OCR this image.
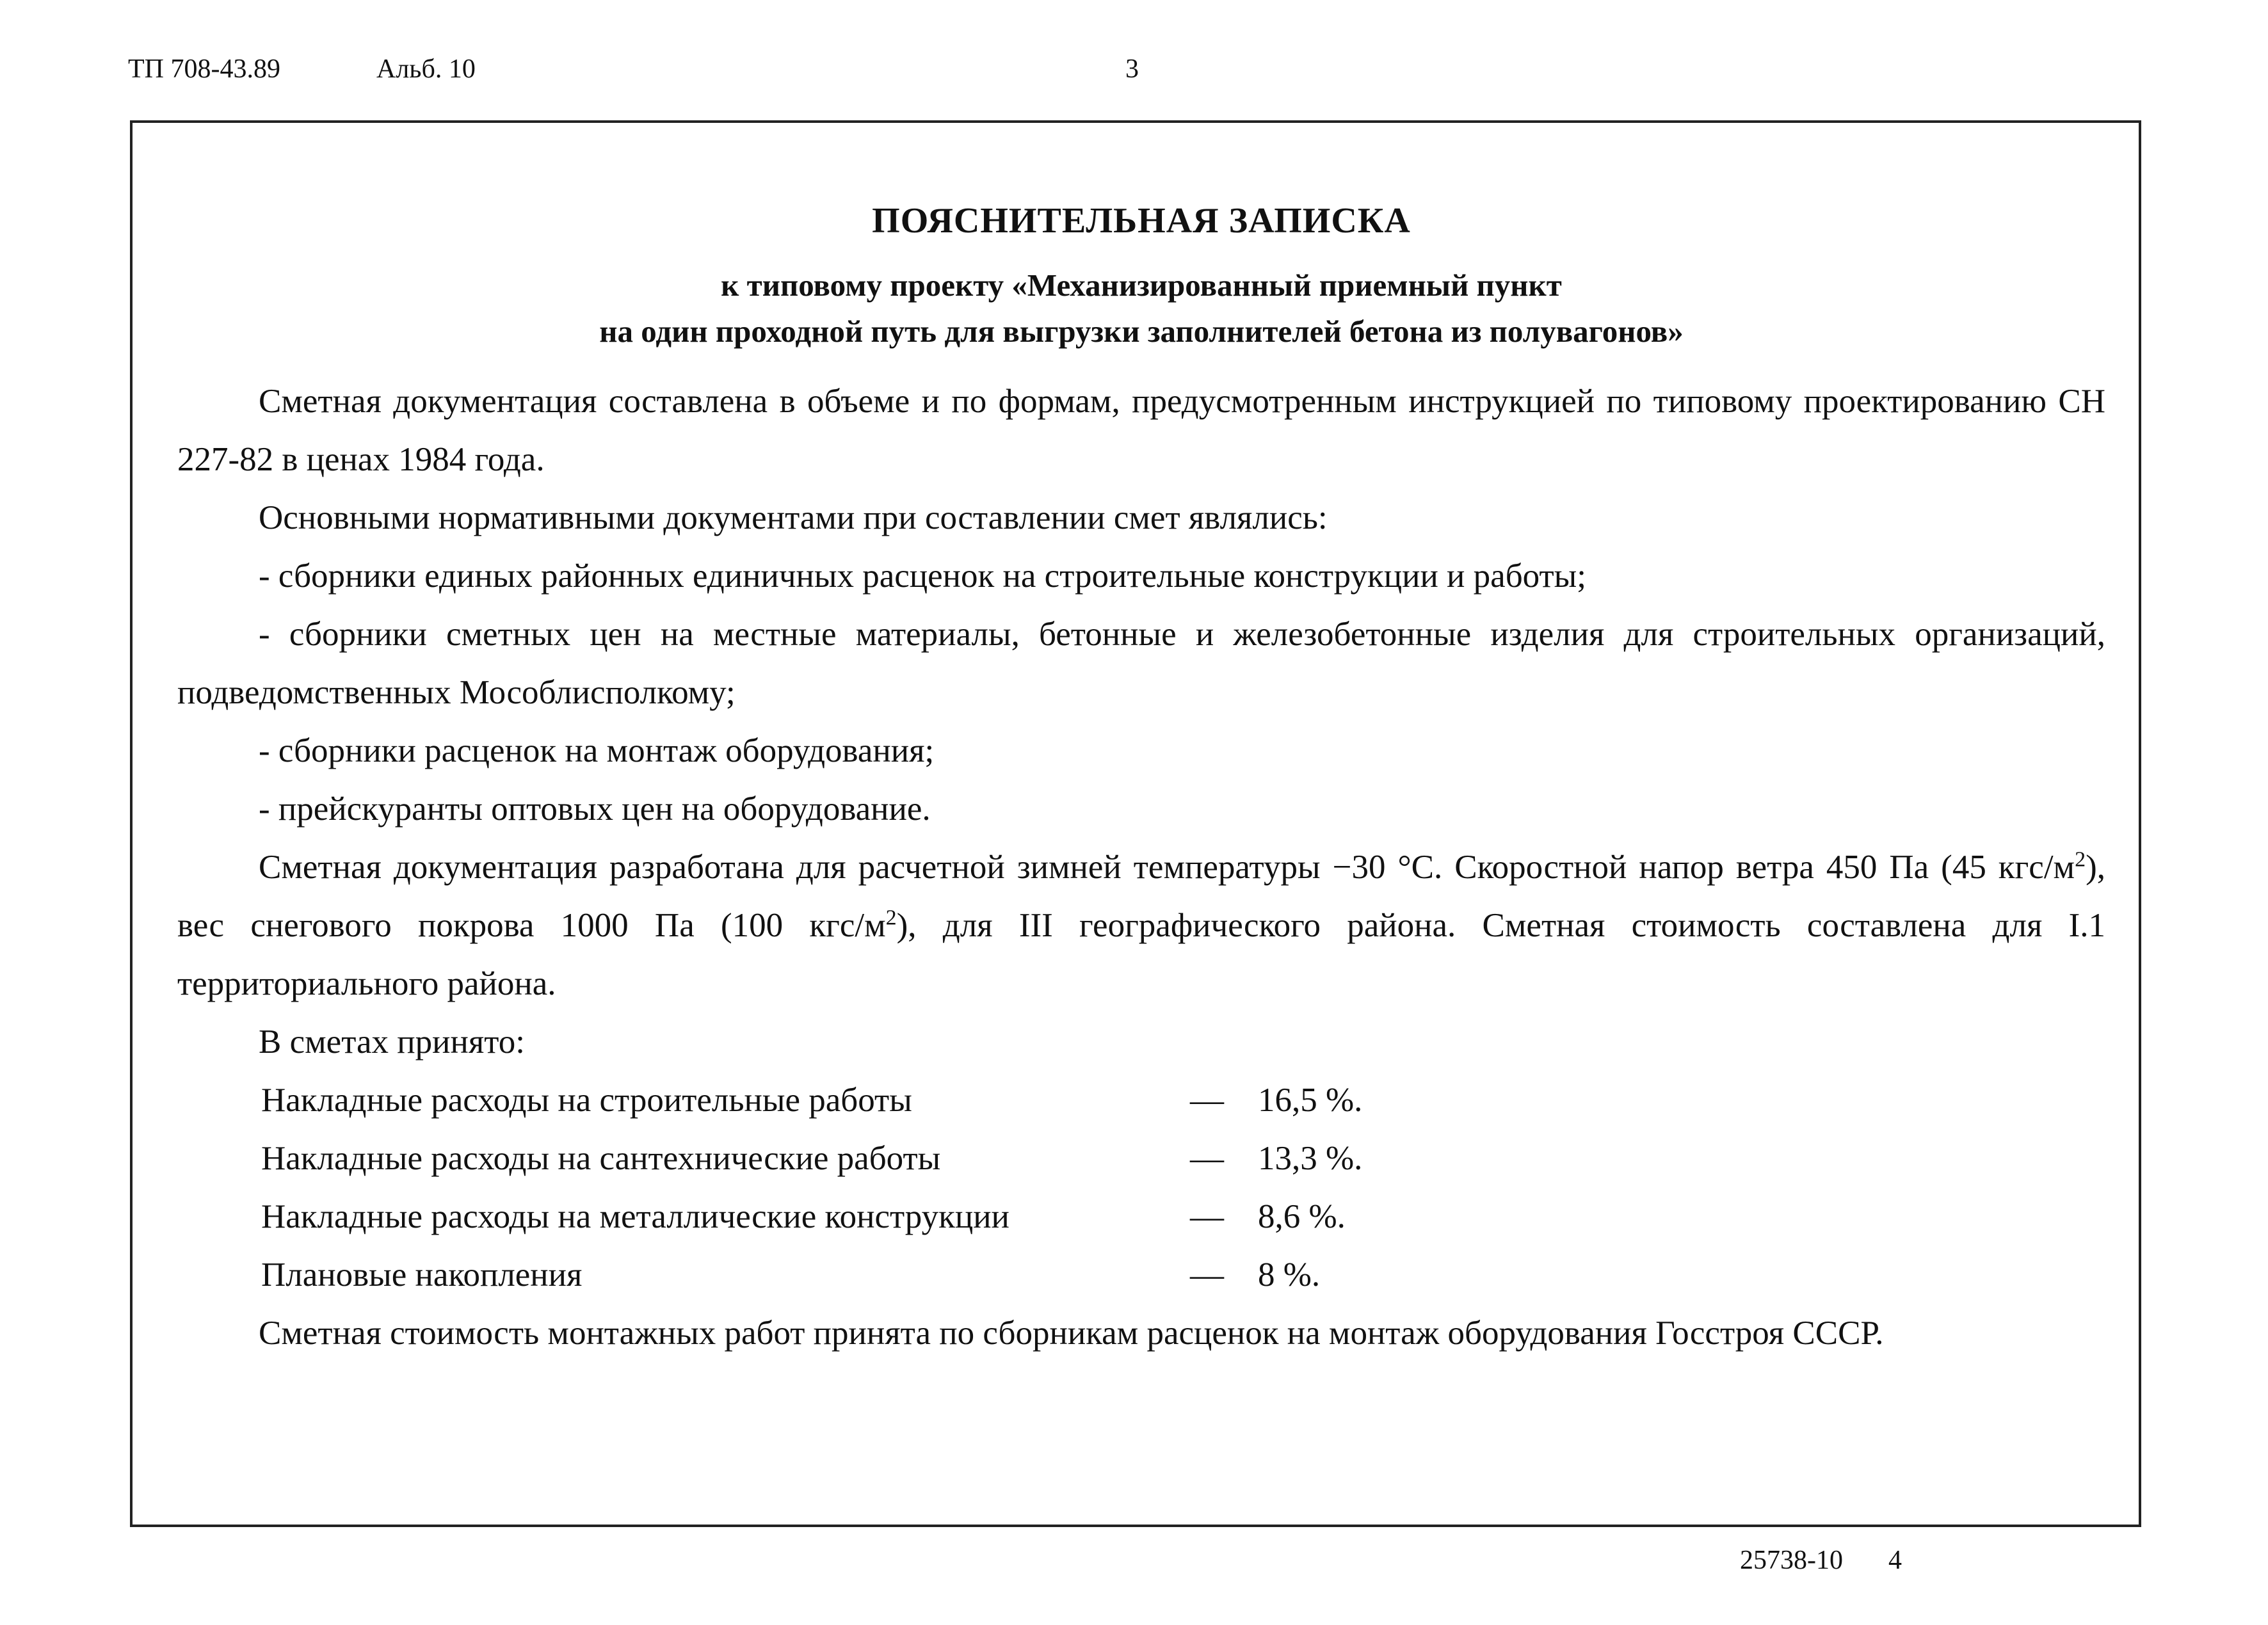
ТП 708-43.89	Альб. 10	3
ПОЯСНИТЕЛЬНАЯ ЗАПИСКА
к типовому проекту «Механизированный приемный пункт
на один проходной путь для выгрузки заполнителей бетона из полувагонов»

Сметная документация составлена в объеме и по формам, предусмотренным инструкцией по типовому проектированию СН 227-82 в ценах 1984 года.

Основными нормативными документами при составлении смет являлись:

- сборники единых районных единичных расценок на строительные конструкции и работы;

- сборники сметных цен на местные материалы, бетонные и железобетонные изделия для строительных организаций, подведомственных Мособлисполкому;

- сборники расценок на монтаж оборудования;

- прейскуранты оптовых цен на оборудование.

Сметная документация разработана для расчетной зимней температуры −30 °С. Скоростной напор ветра 450 Па (45 кгс/$м^2$), вес снегового покрова 1000 Па (100 кгс/$м^2$), для III географического района. Сметная стоимость составлена для I.1 территориального района.

В сметах принято:

Накладные расходы на строительные работы	— 16,5 %.
Накладные расходы на сантехнические работы	— 13,3 %.
Накладные расходы на металлические конструкции	— 8,6 %.
Плановые накопления	— 8 %.

Сметная стоимость монтажных работ принята по сборникам расценок на монтаж оборудования Госстроя СССР.

25738-10 4
